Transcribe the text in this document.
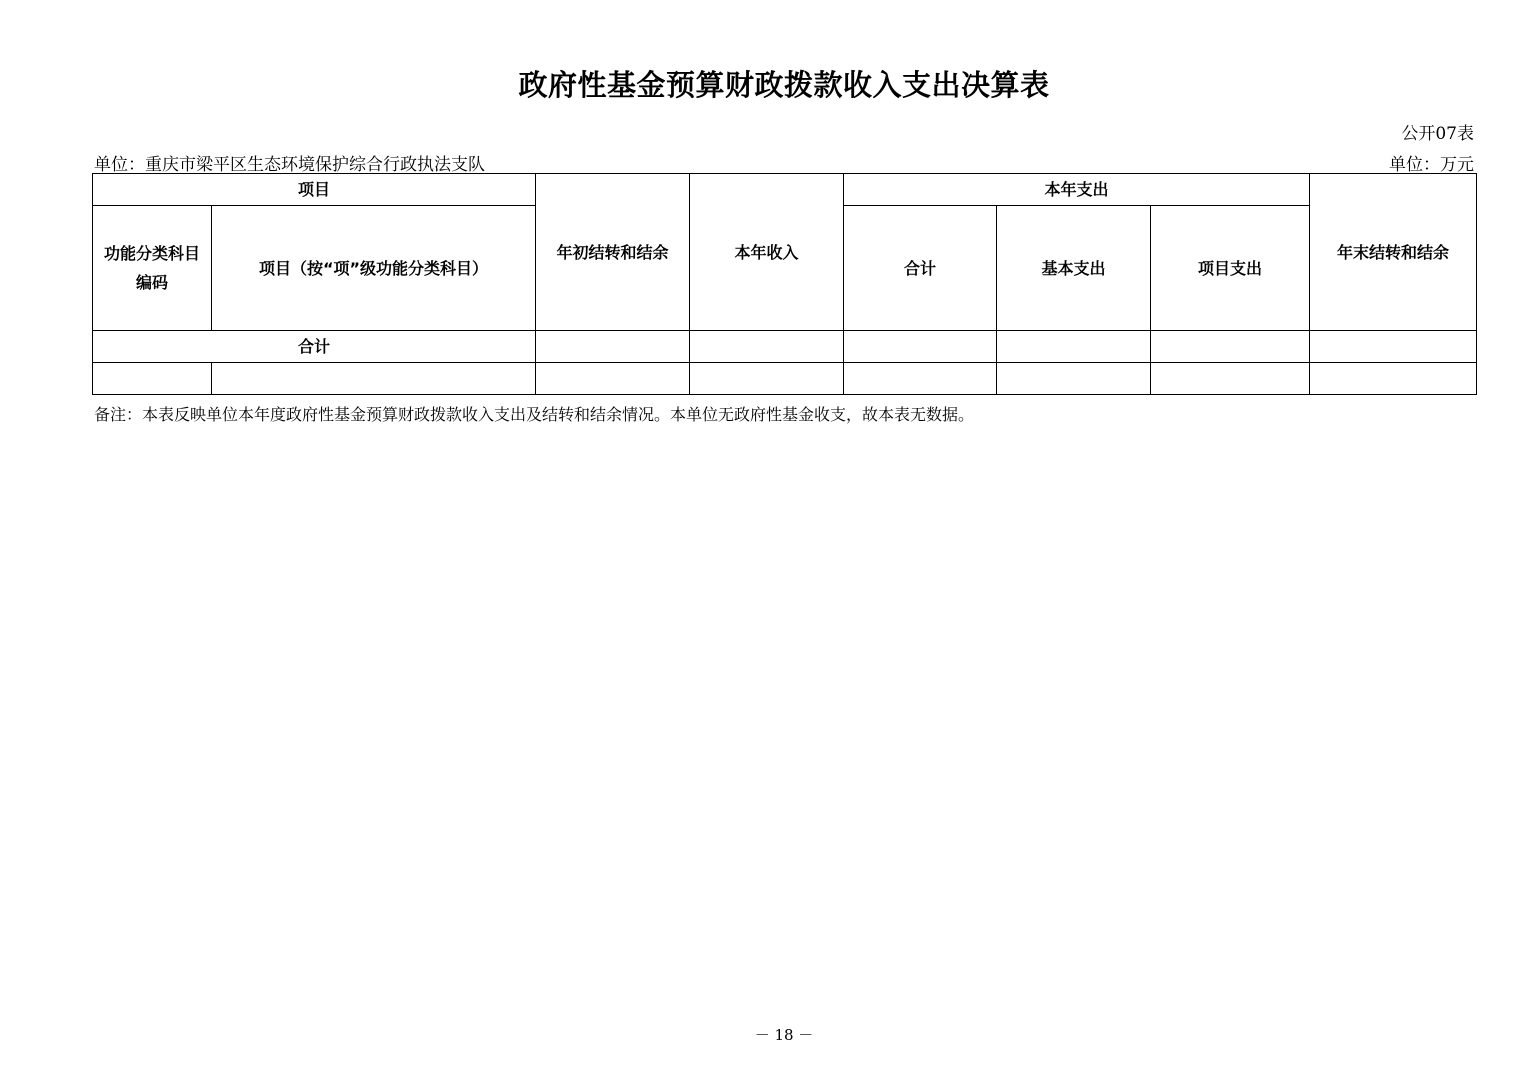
政府性基金预算财政拨款收入支出决算表
公开07表
单位：重庆市梁平区生态环境保护综合行政执法支队	单位：万元
项目		年初结转和结余	本年收入	本年支出			年末结转和结余
功能分类科目编码	项目（按“项”级功能分类科目）			合计	基本支出	项目支出	
合计							

备注：本表反映单位本年度政府性基金预算财政拨款收入支出及结转和结余情况。本单位无政府性基金收支，故本表无数据。
－ 18 －
